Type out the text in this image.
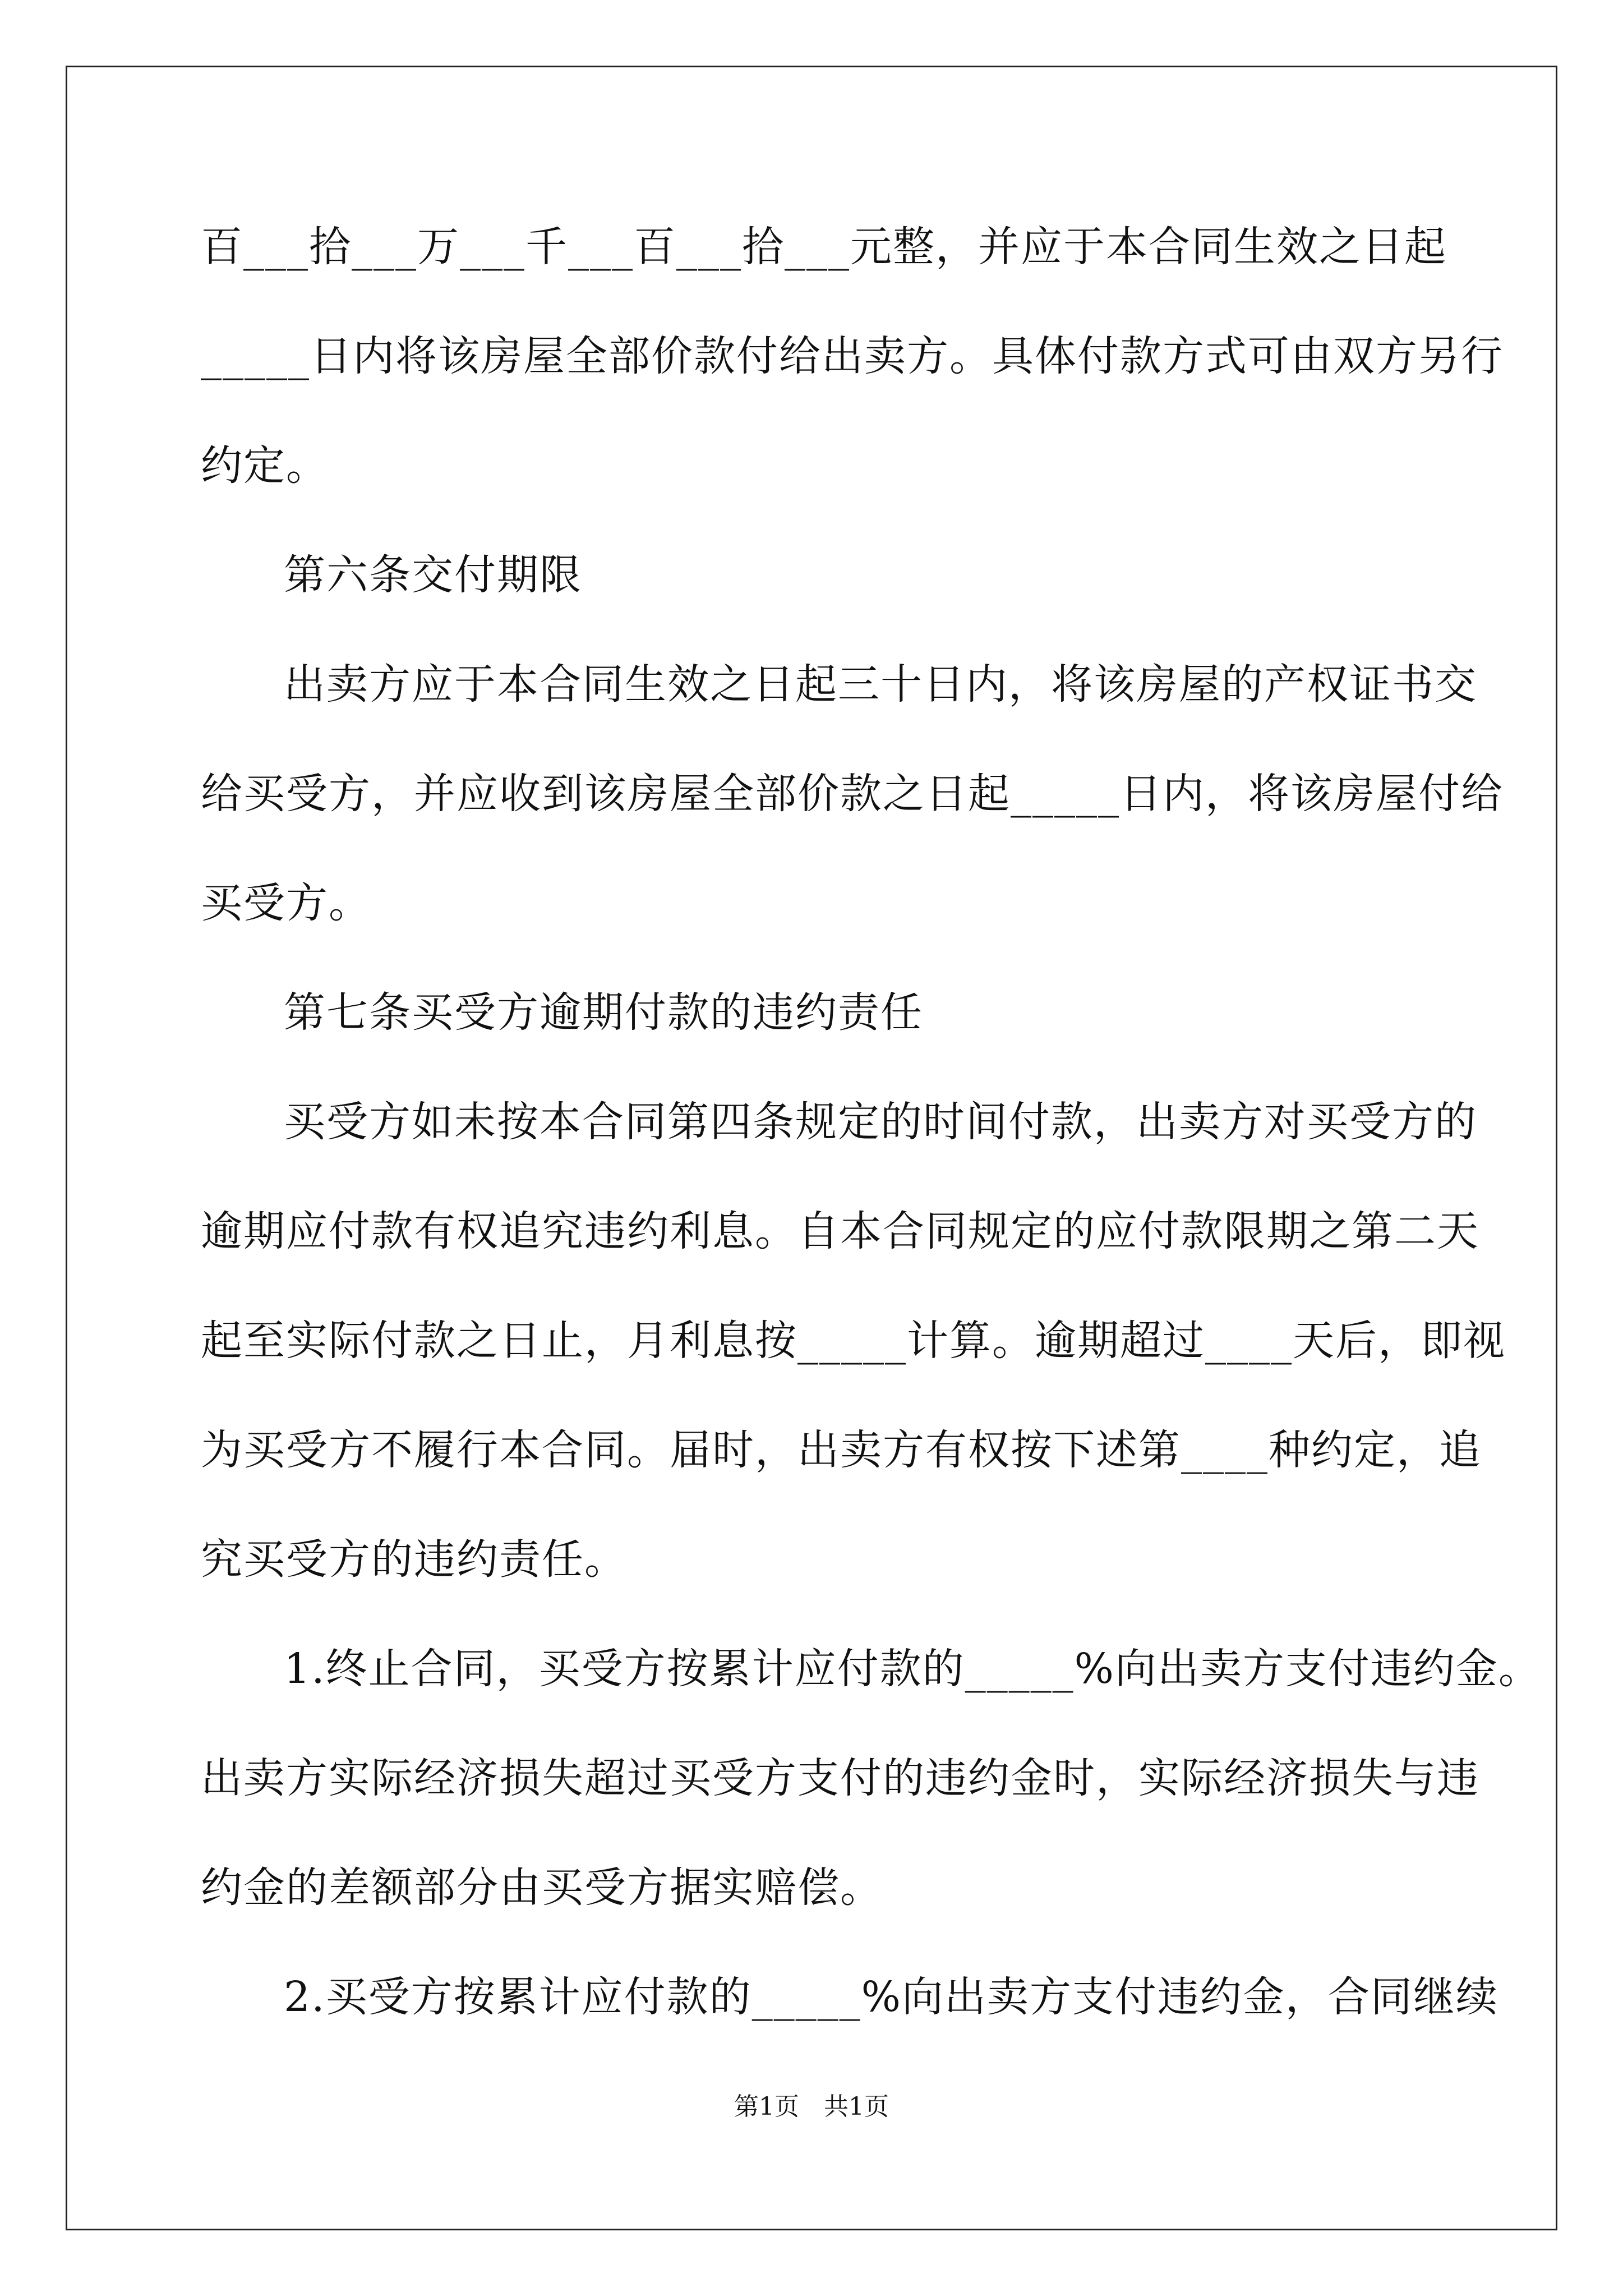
百___拾___万___千___百___拾___元整，并应于本合同生效之日起
_____日内将该房屋全部价款付给出卖方。具体付款方式可由双方另行
约定。
第六条交付期限
出卖方应于本合同生效之日起三十日内，将该房屋的产权证书交
给买受方，并应收到该房屋全部价款之日起_____日内，将该房屋付给
买受方。
第七条买受方逾期付款的违约责任
买受方如未按本合同第四条规定的时间付款，出卖方对买受方的
逾期应付款有权追究违约利息。自本合同规定的应付款限期之第二天
起至实际付款之日止，月利息按_____计算。逾期超过____天后，即视
为买受方不履行本合同。届时，出卖方有权按下述第____种约定，追
究买受方的违约责任。
1.终止合同，买受方按累计应付款的_____%向出卖方支付违约金。
出卖方实际经济损失超过买受方支付的违约金时，实际经济损失与违
约金的差额部分由买受方据实赔偿。
2.买受方按累计应付款的_____%向出卖方支付违约金，合同继续
第1页　共1页
